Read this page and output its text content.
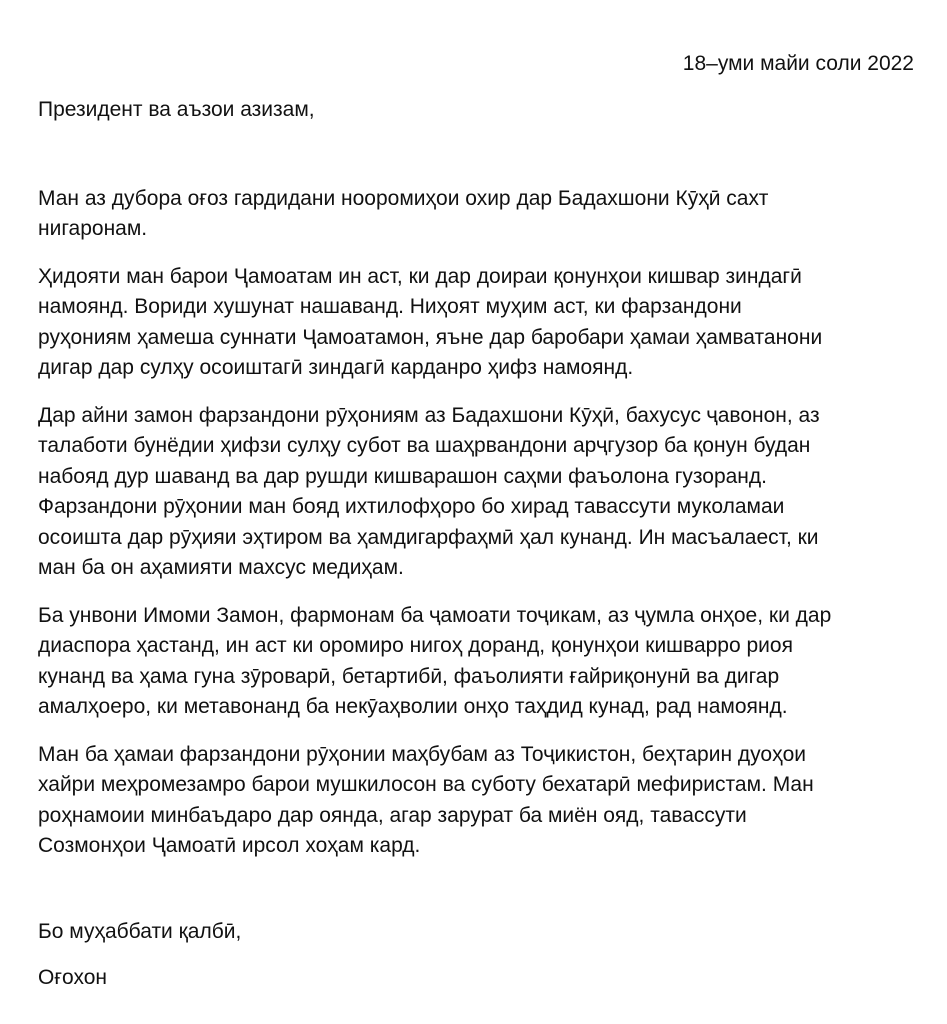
18–уми майи соли 2022

Президент ва аъзои азизам,

Ман аз дубора оғоз гардидани ноoромиҳои охир дар Бадахшони Кӯҳӣ сахт
нигаронам.

Ҳидояти ман барои Ҷамоатам ин аст, ки дар доираи қонунҳои кишвар зиндагӣ
намоянд. Вориди хушунат нашаванд. Ниҳоят муҳим аст, ки фарзандони
руҳониям ҳамеша суннати Ҷамоатамон, яъне дар баробари ҳамаи ҳамватанони
дигар дар сулҳу осоиштагӣ зиндагӣ карданро ҳифз намоянд.

Дар айни замон фарзандони рӯҳониям аз Бадахшони Кӯҳӣ, бахусус ҷавонон, аз
талаботи бунёдии ҳифзи сулҳу субот ва шаҳрвандони арҷгузор ба қонун будан
набояд дур шаванд ва дар рушди кишварашон саҳми фаъолона гузоранд.
Фарзандони рӯҳонии ман бояд ихтилофҳоро бо хирад тавассути муколамаи
осоишта дар рӯҳияи эҳтиром ва ҳамдигарфаҳмӣ ҳал кунанд. Ин масъалаест, ки
ман ба он аҳамияти махсус медиҳам.

Ба унвони Имоми Замон, фармонам ба ҷамоати тоҷикам, аз ҷумла онҳое, ки дар
диаспора ҳастанд, ин аст ки оромиро нигоҳ доранд, қонунҳои кишварро риоя
кунанд ва ҳама гуна зӯроварӣ, бетартибӣ, фаъолияти ғайриқонунӣ ва дигар
амалҳоеро, ки метавонанд ба некӯаҳволии онҳо таҳдид кунад, рад намоянд.

Ман ба ҳамаи фарзандони рӯҳонии маҳбубам аз Тоҷикистон, беҳтарин дуоҳои
хайри меҳромезамро барои мушкилосон ва суботу бехатарӣ мефиристам. Ман
роҳнамоии минбаъдаро дар оянда, агар зарурат ба миён ояд, тавассути
Созмонҳои Ҷамоатӣ ирсол хоҳам кард.

Бо муҳаббати қалбӣ,

Оғохон
